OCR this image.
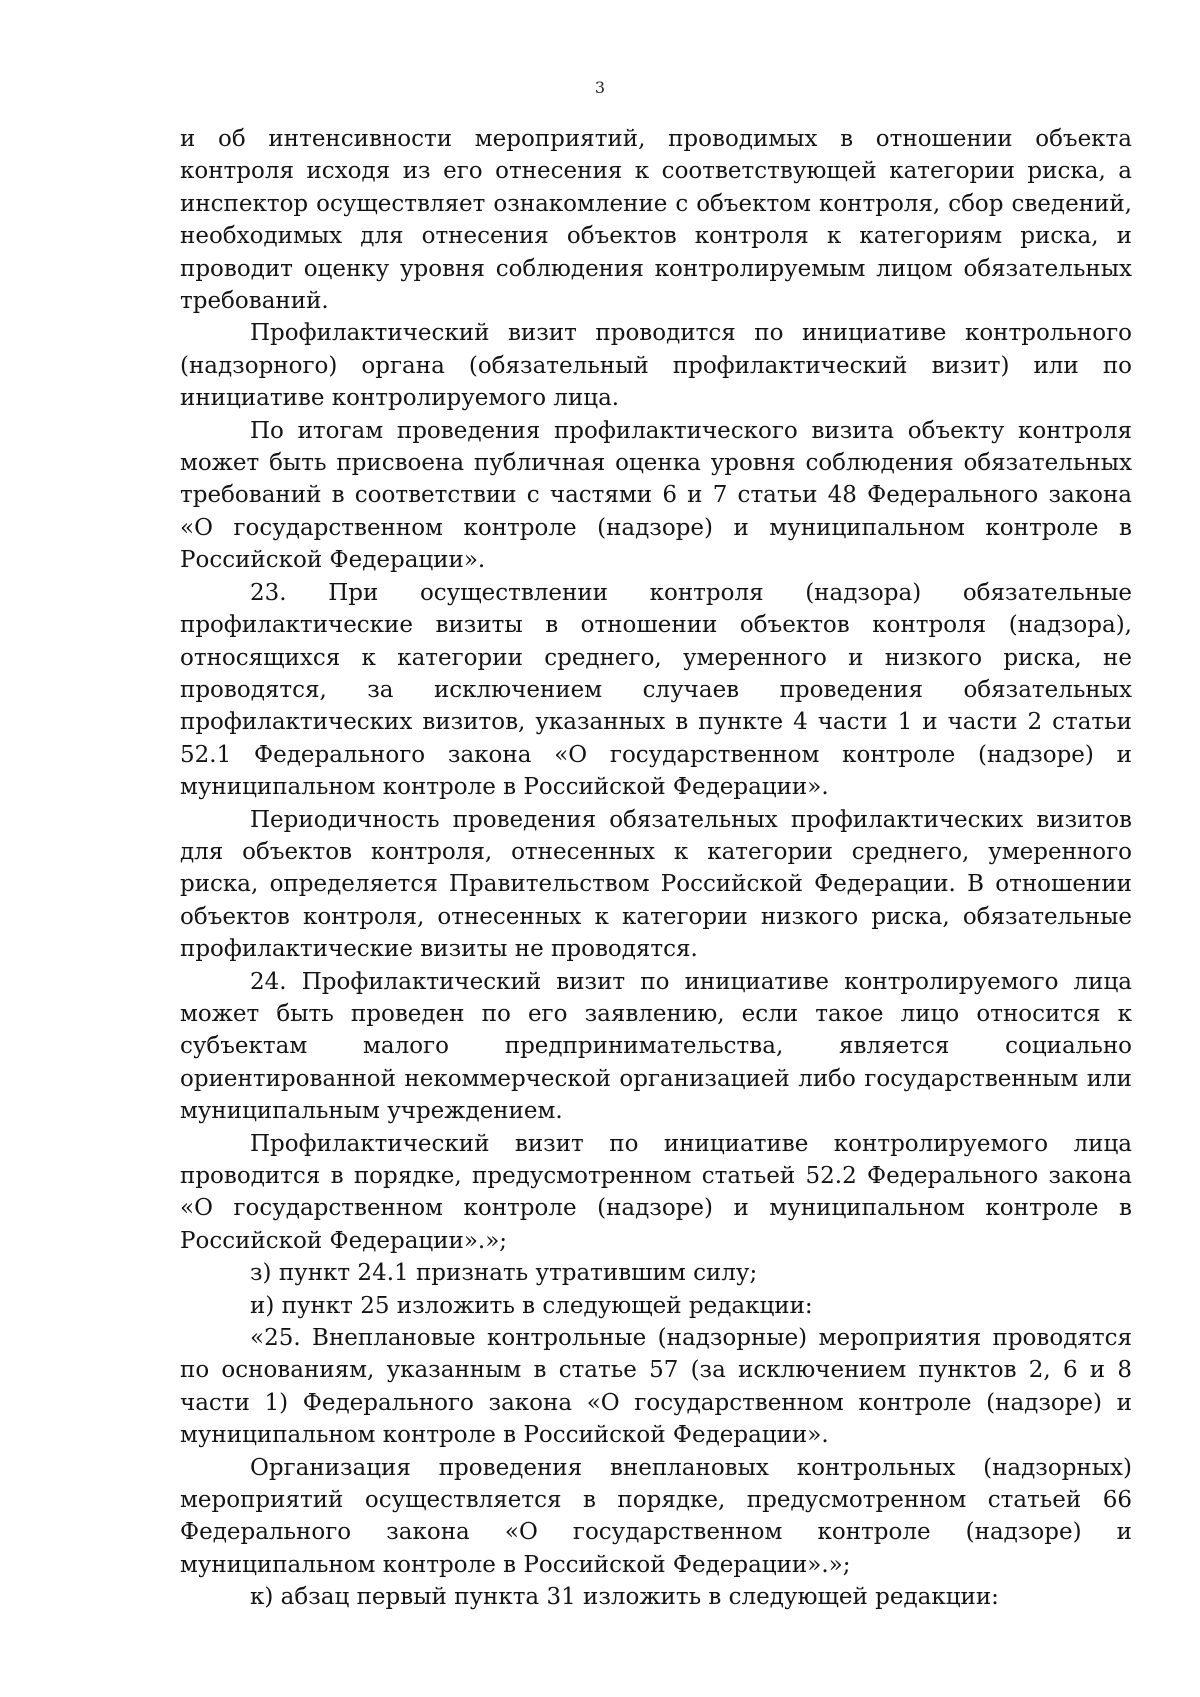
3

и об интенсивности мероприятий, проводимых в отношении объекта контроля исходя из его отнесения к соответствующей категории риска, а инспектор осуществляет ознакомление с объектом контроля, сбор сведений, необходимых для отнесения объектов контроля к категориям риска, и проводит оценку уровня соблюдения контролируемым лицом обязательных требований.

Профилактический визит проводится по инициативе контрольного (надзорного) органа (обязательный профилактический визит) или по инициативе контролируемого лица.

По итогам проведения профилактического визита объекту контроля может быть присвоена публичная оценка уровня соблюдения обязательных требований в соответствии с частями 6 и 7 статьи 48 Федерального закона «О государственном контроле (надзоре) и муниципальном контроле в Российской Федерации».

23. При осуществлении контроля (надзора) обязательные профилактические визиты в отношении объектов контроля (надзора), относящихся к категории среднего, умеренного и низкого риска, не проводятся, за исключением случаев проведения обязательных профилактических визитов, указанных в пункте 4 части 1 и части 2 статьи 52.1 Федерального закона «О государственном контроле (надзоре) и муниципальном контроле в Российской Федерации».

Периодичность проведения обязательных профилактических визитов для объектов контроля, отнесенных к категории среднего, умеренного риска, определяется Правительством Российской Федерации. В отношении объектов контроля, отнесенных к категории низкого риска, обязательные профилактические визиты не проводятся.

24. Профилактический визит по инициативе контролируемого лица может быть проведен по его заявлению, если такое лицо относится к субъектам малого предпринимательства, является социально ориентированной некоммерческой организацией либо государственным или муниципальным учреждением.

Профилактический визит по инициативе контролируемого лица проводится в порядке, предусмотренном статьей 52.2 Федерального закона «О государственном контроле (надзоре) и муниципальном контроле в Российской Федерации».»;

з) пункт 24.1 признать утратившим силу;

и) пункт 25 изложить в следующей редакции:

«25. Внеплановые контрольные (надзорные) мероприятия проводятся по основаниям, указанным в статье 57 (за исключением пунктов 2, 6 и 8 части 1) Федерального закона «О государственном контроле (надзоре) и муниципальном контроле в Российской Федерации».

Организация проведения внеплановых контрольных (надзорных) мероприятий осуществляется в порядке, предусмотренном статьей 66 Федерального закона «О государственном контроле (надзоре) и муниципальном контроле в Российской Федерации».»;

к) абзац первый пункта 31 изложить в следующей редакции:
